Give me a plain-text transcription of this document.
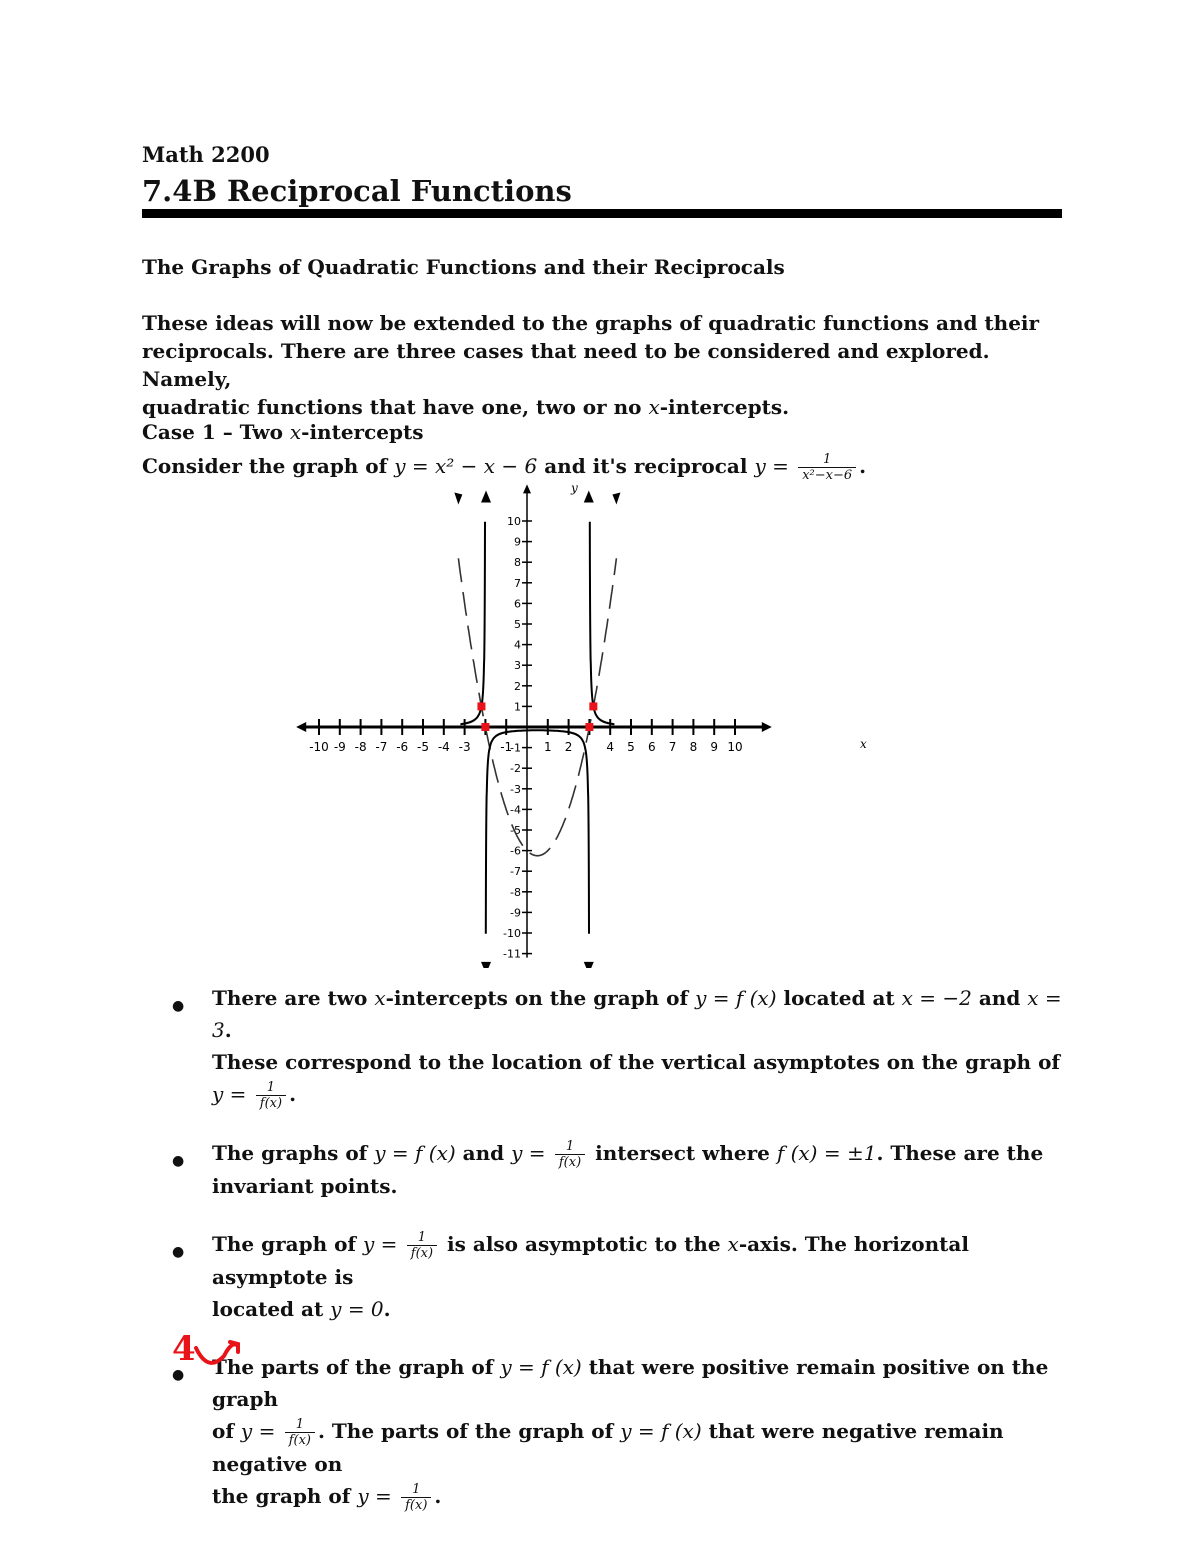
Math 2200
7.4B Reciprocal Functions
The Graphs of Quadratic Functions and their Reciprocals
These ideas will now be extended to the graphs of quadratic functions and their
reciprocals. There are three cases that need to be considered and explored. Namely,
quadratic functions that have one, two or no x-intercepts.
Case 1 – Two x-intercepts
Consider the graph of y = x² − x − 6 and it's reciprocal $y = \frac{1}{\text{x²−x−6}}$ .
-10 -9 -8 -7 -6 -5 -4 -3 -1	1 2	4 5 6 7 8 9 10
1
2
3
4
5
6
7
8
9
10
-1
-2
-3
-4
-5
-6
-7
-8
-9
-10
-11
x
y
● There are two x-intercepts on the graph of y = f (x) located at x = −2 and x = 3.
These correspond to the location of the vertical asymptotes on the graph of $y = \frac{1}{f(x)}$ .
● The graphs of y = f (x) and $y = \frac{1}{f(x)}$ intersect where f (x) = ±1. These are the
invariant points.
● The graph of $y = \frac{1}{f(x)}$ is also asymptotic to the x-axis. The horizontal asymptote is
located at y = 0.
● The parts of the graph of y = f (x) that were positive remain positive on the graph
of $y = \frac{1}{f(x)}$ . The parts of the graph of y = f (x) that were negative remain negative on
the graph of $y = \frac{1}{f(x)}$ .
4
